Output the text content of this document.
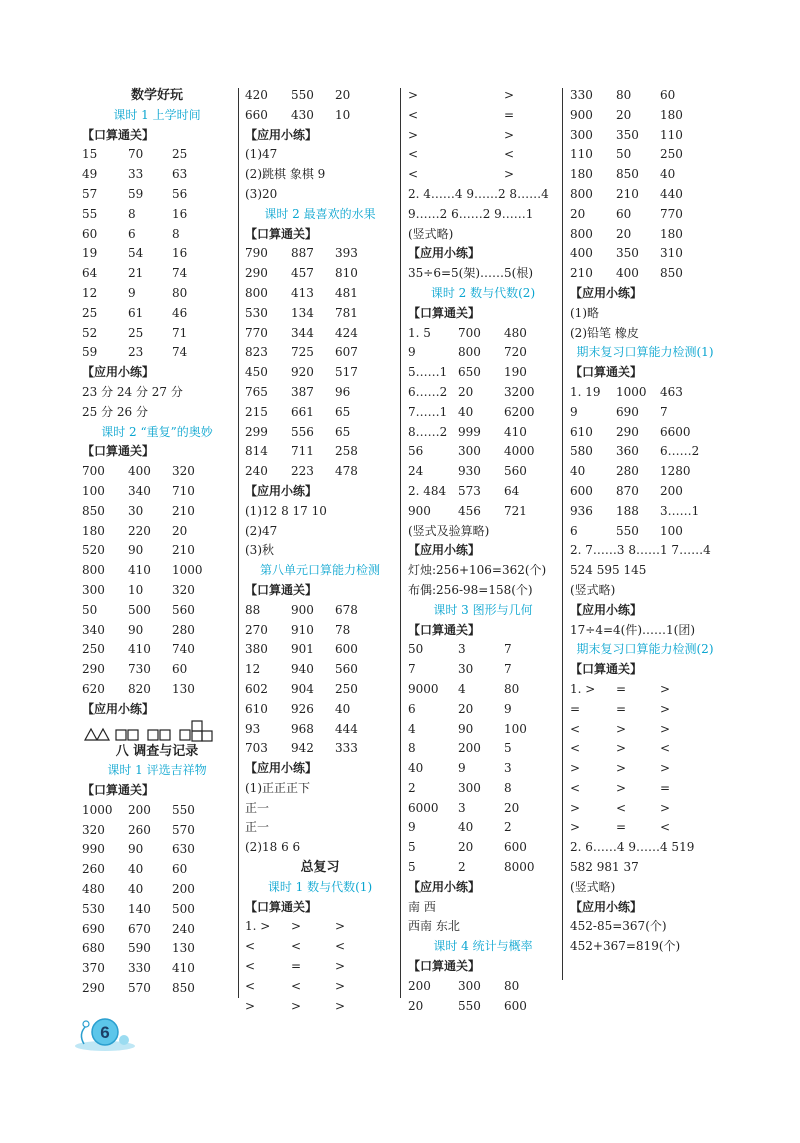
数学好玩
课时 1 上学时间
【口算通关】
15	70 25
49	33 63
57	59 56
55	8	16
60	6	8
19	54 16
64	21 74
12	9	80
25	61 46
52	25 71
59	23 74
【应用小练】
23 分 24 分 27 分
25 分 26 分
课时 2 “重复”的奥妙
【口算通关】
700 400 320
100 340 710
850 30 210
180 220 20
520 90 210
800 410 1000
300 10 320
50	500 560
340 90 280
250 410 740
290 730 60
620 820 130
【应用小练】
八 调查与记录
课时 1 评选吉祥物
【口算通关】
1000 200 550
320 260 570
990 90 630
260 40 60
480 40 200
530 140 500
690 670 240
680 590 130
370 330 410
290 570 850
420 550 20
660 430 10
【应用小练】
(1)47
(2)跳棋 象棋 9
(3)20
课时 2 最喜欢的水果
【口算通关】
790 887 393
290 457 810
800 413 481
530 134 781
770 344 424
823 725 607
450 920 517
765 387 96
215 661 65
299 556 65
814 711 258
240 223 478
【应用小练】
(1)12 8 17 10
(2)47
(3)秋
第八单元口算能力检测
【口算通关】
88	900 678
270 910 78
380 901 600
12	940 560
602 904 250
610 926 40
93	968 444
703 942 333
【应用小练】
(1)正正正下
正一
正一
(2)18 6 6
总复习
课时 1 数与代数(1)
【口算通关】
1. > >	>
<	<	<
<	=	>
<	<	>
>	>	>
>	>
<	=
>	>
<	<
<	>
2. 4……4 9……2 8……4
9……2 6……2 9……1
(竖式略)
【应用小练】
35÷6=5(架)……5(根)
课时 2 数与代数(2)
【口算通关】
1. 5 700 480
9	800 720
5……1 650 190
6……2 20	3200
7……1 40	6200
8……2 999 410
56	300 4000
24	930 560
2. 484 573 64
900 456 721
(竖式及验算略)
【应用小练】
灯烛:256+106=362(个)
布偶:256-98=158(个)
课时 3 图形与几何
【口算通关】
50	3	7
7	30	7
9000 4	80
6	20	9
4	90	100
8	200 5
40	9	3
2	300 8
6000 3	20
9	40	2
5	20	600
5	2	8000
【应用小练】
南 西
西南 东北
课时 4 统计与概率
【口算通关】
200 300 80
20	550 600
330 80 60
900 20 180
300 350 110
110 50 250
180 850 40
800 210 440
20	60 770
800 20 180
400 350 310
210 400 850
【应用小练】
(1)略
(2)铅笔 橡皮
期末复习口算能力检测(1)
【口算通关】
1. 19 1000 463
9	690 7
610 290 6600
580 360 6……2
40	280 1280
600 870 200
936 188 3……1
6	550 100
2. 7……3 8……1 7……4
524 595 145
(竖式略)
【应用小练】
17÷4=4(件)……1(团)
期末复习口算能力检测(2)
【口算通关】
1. > =	>
=	=	>
<	>	>
<	>	<
>	>	>
<	>	=
>	<	>
>	=	<
2. 6……4 9……4 519
582 981 37
(竖式略)
【应用小练】
452-85=367(个)
452+367=819(个)
6
